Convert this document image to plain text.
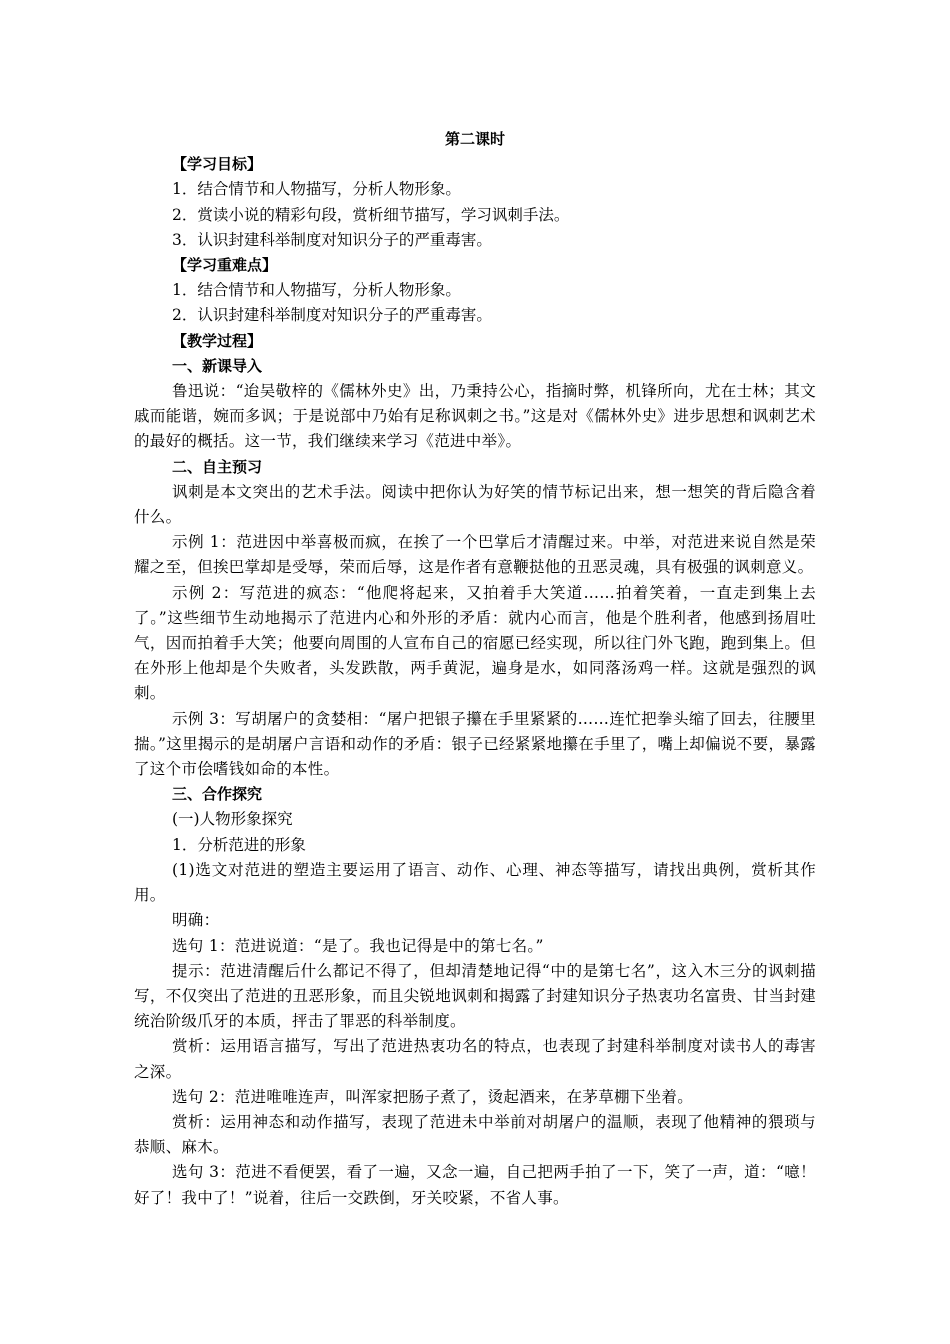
第二课时
【学习目标】
1．结合情节和人物描写，分析人物形象。
2．赏读小说的精彩句段，赏析细节描写，学习讽刺手法。
3．认识封建科举制度对知识分子的严重毒害。
【学习重难点】
1．结合情节和人物描写，分析人物形象。
2．认识封建科举制度对知识分子的严重毒害。
【教学过程】
一、新课导入
鲁迅说：“迨吴敬梓的《儒林外史》出，乃秉持公心，指摘时弊，机锋所向，尤在士林；其文戚而能谐，婉而多讽；于是说部中乃始有足称讽刺之书。”这是对《儒林外史》进步思想和讽刺艺术的最好的概括。这一节，我们继续来学习《范进中举》。
二、自主预习
讽刺是本文突出的艺术手法。阅读中把你认为好笑的情节标记出来，想一想笑的背后隐含着什么。
示例 1：范进因中举喜极而疯，在挨了一个巴掌后才清醒过来。中举，对范进来说自然是荣耀之至，但挨巴掌却是受辱，荣而后辱，这是作者有意鞭挞他的丑恶灵魂，具有极强的讽刺意义。
示例 2：写范进的疯态：“他爬将起来，又拍着手大笑道……拍着笑着，一直走到集上去了。”这些细节生动地揭示了范进内心和外形的矛盾：就内心而言，他是个胜利者，他感到扬眉吐气，因而拍着手大笑；他要向周围的人宣布自己的宿愿已经实现，所以往门外飞跑，跑到集上。但在外形上他却是个失败者，头发跌散，两手黄泥，遍身是水，如同落汤鸡一样。这就是强烈的讽刺。
示例 3：写胡屠户的贪婪相：“屠户把银子攥在手里紧紧的……连忙把拳头缩了回去，往腰里揣。”这里揭示的是胡屠户言语和动作的矛盾：银子已经紧紧地攥在手里了，嘴上却偏说不要，暴露了这个市侩嗜钱如命的本性。
三、合作探究
(一)人物形象探究
1．分析范进的形象
(1)选文对范进的塑造主要运用了语言、动作、心理、神态等描写，请找出典例，赏析其作用。
明确：
选句 1：范进说道：“是了。我也记得是中的第七名。”
提示：范进清醒后什么都记不得了，但却清楚地记得“中的是第七名”，这入木三分的讽刺描写，不仅突出了范进的丑恶形象，而且尖锐地讽刺和揭露了封建知识分子热衷功名富贵、甘当封建统治阶级爪牙的本质，抨击了罪恶的科举制度。
赏析：运用语言描写，写出了范进热衷功名的特点，也表现了封建科举制度对读书人的毒害之深。
选句 2：范进唯唯连声，叫浑家把肠子煮了，烫起酒来，在茅草棚下坐着。
赏析：运用神态和动作描写，表现了范进未中举前对胡屠户的温顺，表现了他精神的猥琐与恭顺、麻木。
选句 3：范进不看便罢，看了一遍，又念一遍，自己把两手拍了一下，笑了一声，道：“噫！好了！我中了！”说着，往后一交跌倒，牙关咬紧，不省人事。
